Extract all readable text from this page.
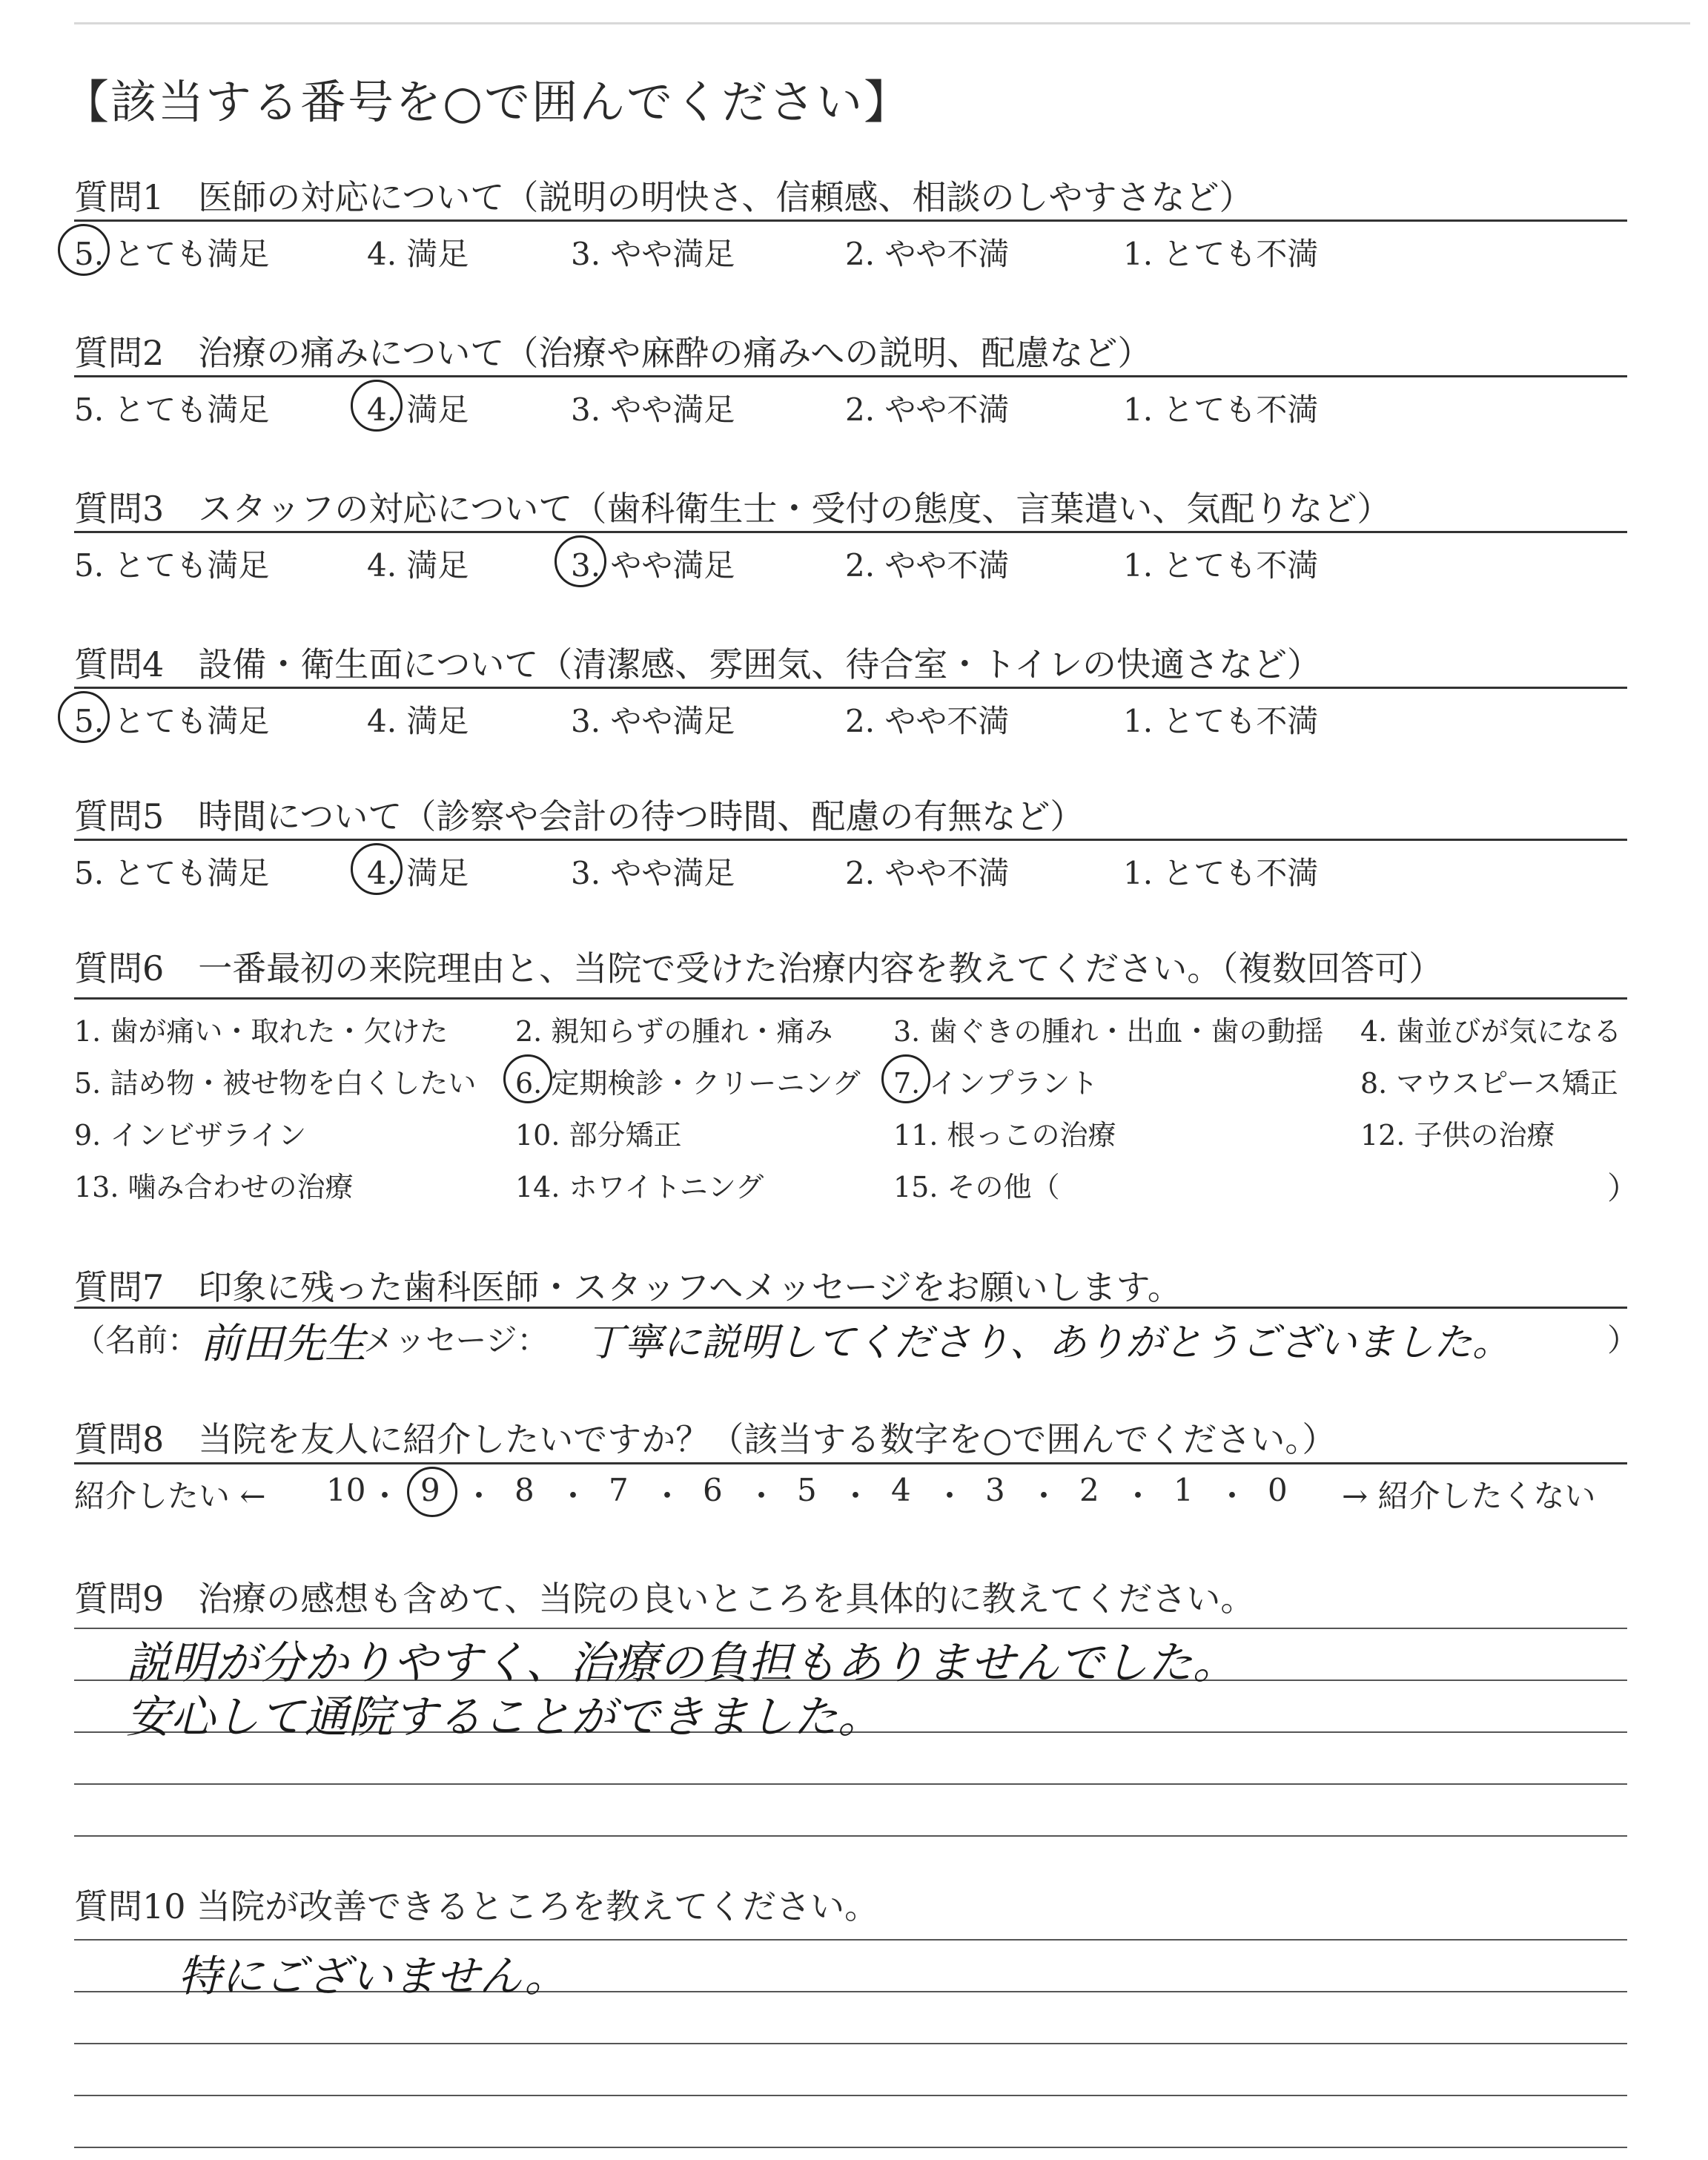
【該当する番号を○で囲んでください】
質問1　医師の対応について（説明の明快さ、信頼感、相談のしやすさなど）
5. とても満足	4. 満足	3. やや満足	2. やや不満	1. とても不満
質問2　治療の痛みについて（治療や麻酔の痛みへの説明、配慮など）
5. とても満足	4. 満足	3. やや満足	2. やや不満	1. とても不満
質問3　スタッフの対応について（歯科衛生士・受付の態度、言葉遣い、気配りなど）
5. とても満足	4. 満足	3. やや満足	2. やや不満	1. とても不満
質問4　設備・衛生面について（清潔感、雰囲気、待合室・トイレの快適さなど）
5. とても満足	4. 満足	3. やや満足	2. やや不満	1. とても不満
質問5　時間について（診察や会計の待つ時間、配慮の有無など）
5. とても満足	4. 満足	3. やや満足	2. やや不満	1. とても不満
質問6　一番最初の来院理由と、当院で受けた治療内容を教えてください。（複数回答可）
1. 歯が痛い・取れた・欠けた 2. 親知らずの腫れ・痛み 3. 歯ぐきの腫れ・出血・歯の動揺 4. 歯並びが気になる
5. 詰め物・被せ物を白くしたい 6. 定期検診・クリーニング 7. インプラント	8. マウスピース矯正
9. インビザライン	10. 部分矯正	11. 根っこの治療	12. 子供の治療
13. 噛み合わせの治療	14. ホワイトニング	15. その他（	）
質問7　印象に残った歯科医師・スタッフへメッセージをお願いします。
（名前： 前田先生
メッセージ： 丁寧に説明してくださり、ありがとうございました。	）
質問8　当院を友人に紹介したいですか？（該当する数字を○で囲んでください。）
紹介したい ← 10 ・ 9 ・ 8 ・ 7 ・ 6 ・ 5 ・ 4 ・ 3 ・ 2 ・ 1 ・ 0 → 紹介したくない
質問9　治療の感想も含めて、当院の良いところを具体的に教えてください。
説明が分かりやすく、治療の負担もありませんでした。
安心して通院することができました。
質問10 当院が改善できるところを教えてください。
特にございません。
